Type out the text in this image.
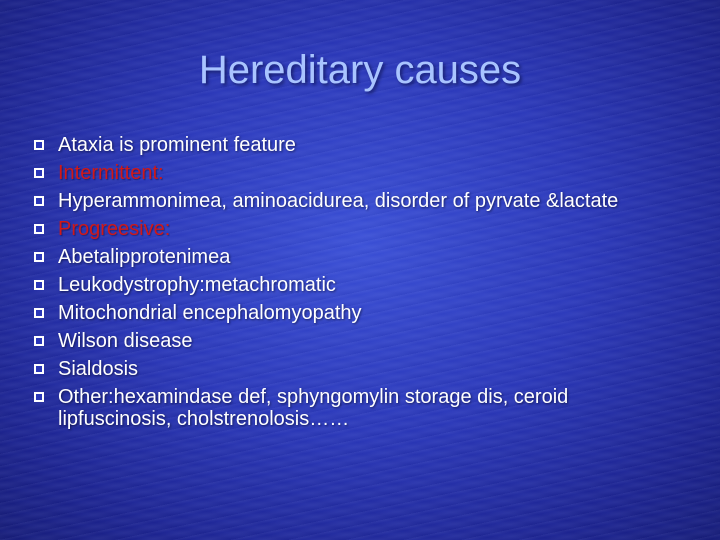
Hereditary causes
Ataxia is prominent feature
Intermittent:
Hyperammonimea, aminoacidurea, disorder of pyrvate &lactate
Progreesive:
Abetalipprotenimea
Leukodystrophy:metachromatic
Mitochondrial encephalomyopathy
Wilson disease
Sialdosis
Other:hexamindase def, sphyngomylin storage dis, ceroid lipfuscinosis, cholstrenolosis……
